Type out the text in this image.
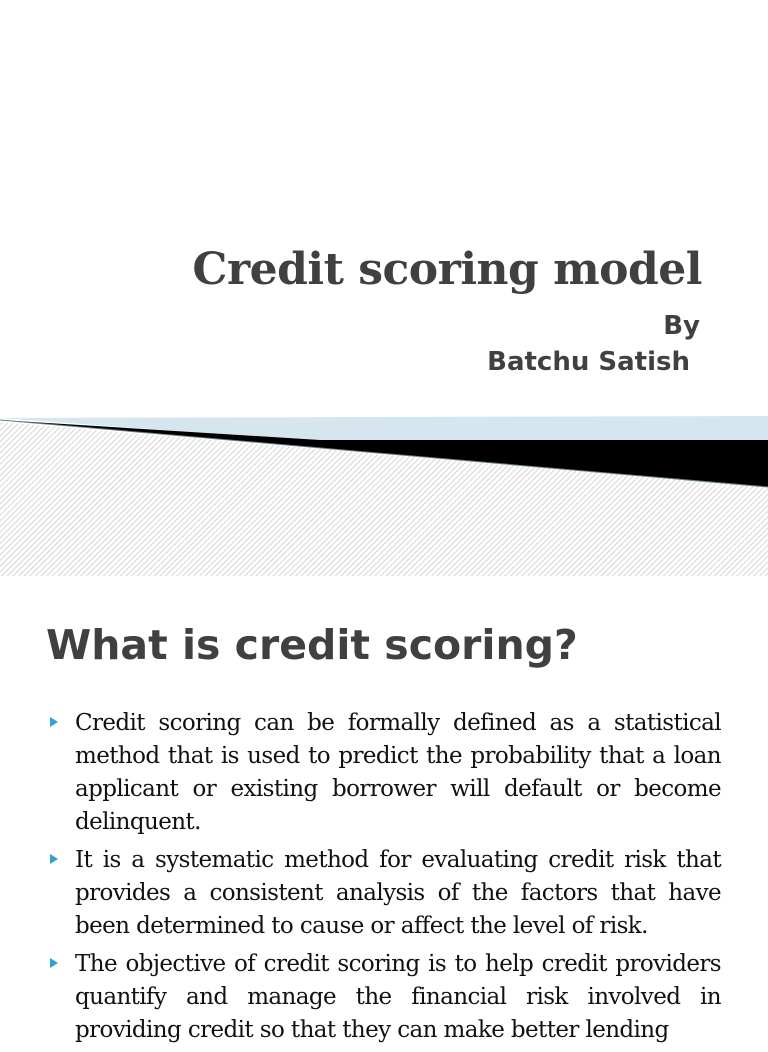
Credit scoring model
By
Batchu Satish
What is credit scoring?
Credit scoring can be formally defined as a statistical method that is used to predict the probability that a loan applicant or existing borrower will default or become delinquent.
It is a systematic method for evaluating credit risk that provides a consistent analysis of the factors that have been determined to cause or affect the level of risk.
The objective of credit scoring is to help credit providers quantify and manage the financial risk involved in providing credit so that they can make better lending
